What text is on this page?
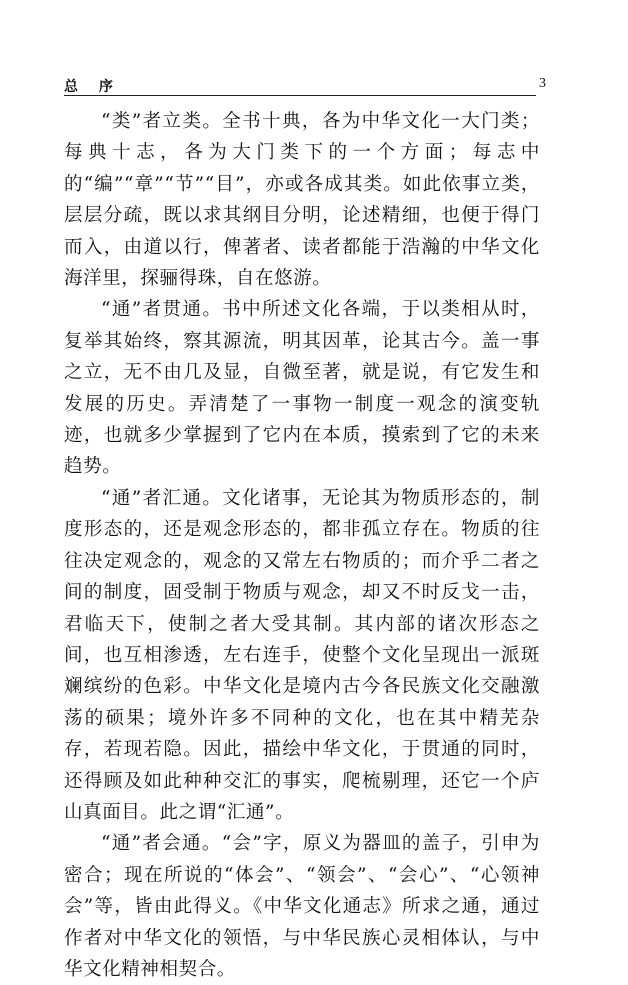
总 序	3

“类”者立类。全书十典，各为中华文化一大门类；每典十志，各为大门类下的一个方面；每志中的“编”“章”“节”“目”，亦或各成其类。如此依事立类，层层分疏，既以求其纲目分明，论述精细，也便于得门而入，由道以行，俾著者、读者都能于浩瀚的中华文化海洋里，探骊得珠，自在悠游。

“通”者贯通。书中所述文化各端，于以类相从时，复举其始终，察其源流，明其因革，论其古今。盖一事之立，无不由几及显，自微至著，就是说，有它发生和发展的历史。弄清楚了一事物一制度一观念的演变轨迹，也就多少掌握到了它内在本质，摸索到了它的未来趋势。

“通”者汇通。文化诸事，无论其为物质形态的，制度形态的，还是观念形态的，都非孤立存在。物质的往往决定观念的，观念的又常左右物质的；而介乎二者之间的制度，固受制于物质与观念，却又不时反戈一击，君临天下，使制之者大受其制。其内部的诸次形态之间，也互相渗透，左右连手，使整个文化呈现出一派斑斓缤纷的色彩。中华文化是境内古今各民族文化交融激荡的硕果；境外许多不同种的文化，也在其中精芜杂存，若现若隐。因此，描绘中华文化，于贯通的同时，还得顾及如此种种交汇的事实，爬梳剔理，还它一个庐山真面目。此之谓“汇通”。

“通”者会通。“会”字，原义为器皿的盖子，引申为密合；现在所说的“体会”、“领会”、“会心”、“心领神会”等，皆由此得义。《中华文化通志》所求之通，通过作者对中华文化的领悟，与中华民族心灵相体认，与中华文化精神相契合。
